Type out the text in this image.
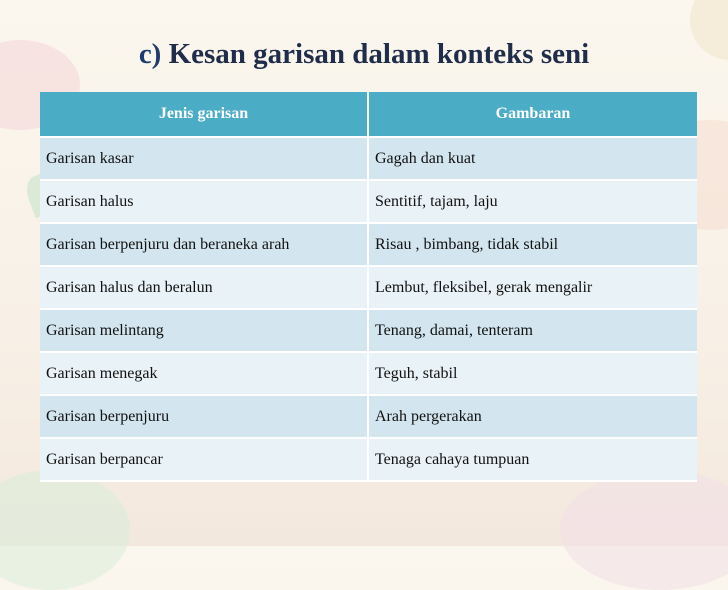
c) Kesan garisan dalam konteks seni
Jenis garisan	Gambaran
Garisan kasar	Gagah dan kuat
Garisan halus	Sentitif, tajam, laju
Garisan berpenjuru dan beraneka arah	Risau , bimbang, tidak stabil
Garisan halus dan beralun	Lembut, fleksibel, gerak mengalir
Garisan melintang	Tenang, damai, tenteram
Garisan menegak	Teguh, stabil
Garisan berpenjuru	Arah pergerakan
Garisan berpancar	Tenaga cahaya tumpuan
